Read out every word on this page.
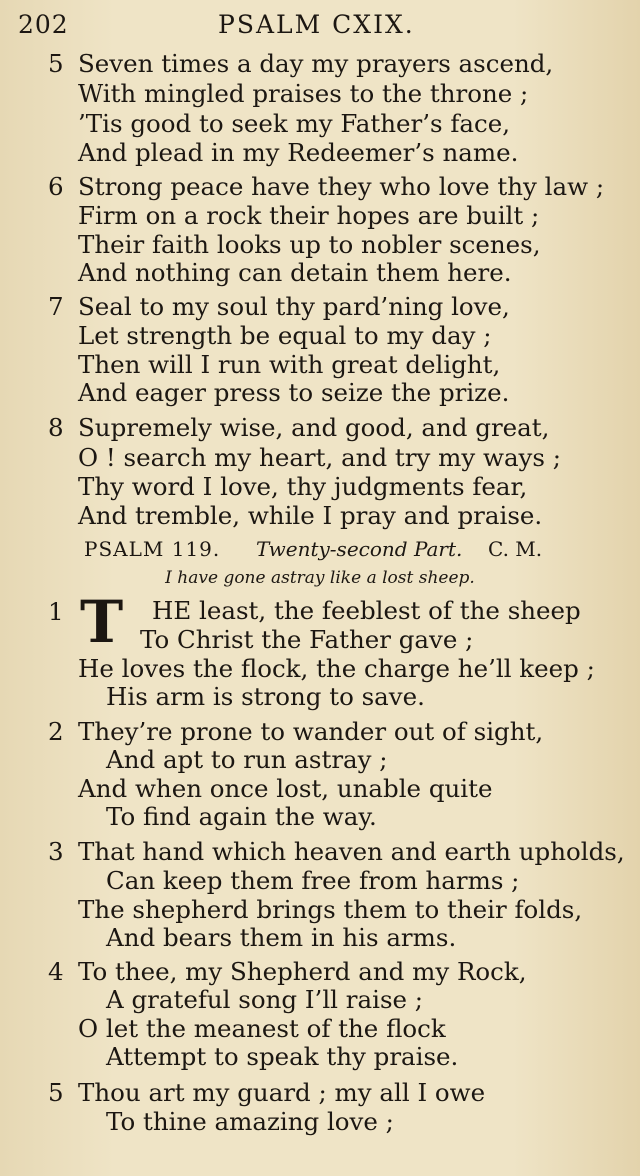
202	PSALM CXIX.
5 Seven times a day my prayers ascend,
With mingled praises to the throne ;
’Tis good to seek my Father’s face,
And plead in my Redeemer’s name.
6 Strong peace have they who love thy law ;
Firm on a rock their hopes are built ;
Their faith looks up to nobler scenes,
And nothing can detain them here.
7 Seal to my soul thy pard’ning love,
Let strength be equal to my day ;
Then will I run with great delight,
And eager press to seize the prize.
8 Supremely wise, and good, and great,
O ! search my heart, and try my ways ;
Thy word I love, thy judgments fear,
And tremble, while I pray and praise.
PSALM 119. Twenty-second Part. C. M.
I have gone astray like a lost sheep.
1 T HE least, the feeblest of the sheep
To Christ the Father gave ;
He loves the flock, the charge he’ll keep ;
His arm is strong to save.
2 They’re prone to wander out of sight,
And apt to run astray ;
And when once lost, unable quite
To find again the way.
3 That hand which heaven and earth upholds,
Can keep them free from harms ;
The shepherd brings them to their folds,
And bears them in his arms.
4 To thee, my Shepherd and my Rock,
A grateful song I’ll raise ;
O let the meanest of the flock
Attempt to speak thy praise.
5 Thou art my guard ; my all I owe
To thine amazing love ;
